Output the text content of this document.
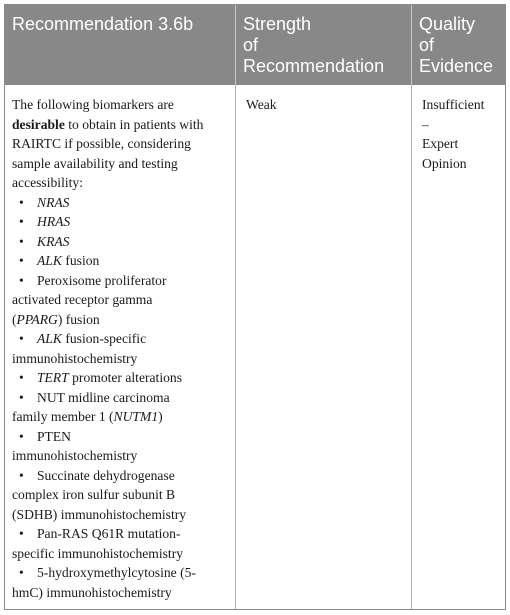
Recommendation 3.6b	Strength
of
Recommendation
Quality
of
Evidence

The following biomarkers are desirable to obtain in patients with RAIRTC if possible, considering sample availability and testing accessibility:

• NRAS
• HRAS
• KRAS
• ALK fusion
• Peroxisome proliferator
activated receptor gamma
(PPARG) fusion
• ALK fusion-specific
immunohistochemistry
• TERT promoter alterations
• NUT midline carcinoma
family member 1 (NUTM1)
• PTEN
immunohistochemistry
• Succinate dehydrogenase
complex iron sulfur subunit B
(SDHB) immunohistochemistry
• Pan-RAS Q61R mutation-
specific immunohistochemistry
• 5-hydroxymethylcytosine (5-
hmC) immunohistochemistry
Weak	Insufficient
–
Expert
Opinion
